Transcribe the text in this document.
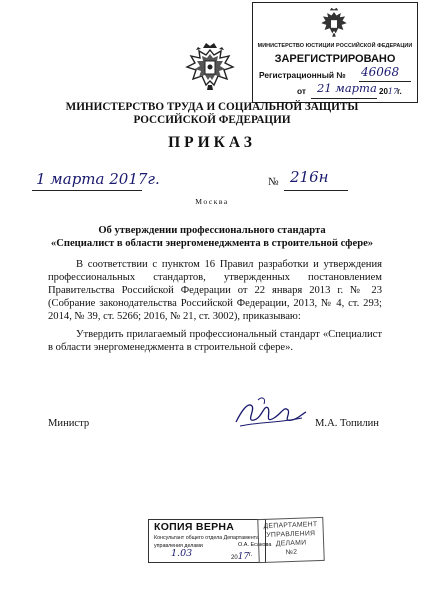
МИНИСТЕРСТВО ЮСТИЦИИ РОССИЙСКОЙ ФЕДЕРАЦИИ
ЗАРЕГИСТРИРОВАНО
Регистрационный № 46068
от 21 марта 2017
г.
МИНИСТЕРСТВО ТРУДА И СОЦИАЛЬНОЙ ЗАЩИТЫ
РОССИЙСКОЙ ФЕДЕРАЦИИ
ПРИКАЗ
1 марта 2017г.	№ 216н
Москва
Об утверждении профессионального стандарта
«Специалист в области энергоменеджмента в строительной сфере»
В соответствии с пунктом 16 Правил разработки и утверждения профессиональных стандартов, утвержденных постановлением Правительства Российской Федерации от 22 января 2013 г. № 23 (Собрание законодательства Российской Федерации, 2013, № 4, ст. 293; 2014, № 39, ст. 5266; 2016, № 21, ст. 3002), приказываю:
Утвердить прилагаемый профессиональный стандарт «Специалист в области энергоменеджмента в строительной сфере».
Министр	М.А. Топилин
КОПИЯ ВЕРНА
Консультант общего отдела Департамента
управления делами	О.А. Есакова
1.03	2017 г.
ДЕПАРТАМЕНТ
УПРАВЛЕНИЯ
ДЕЛАМИ
№2
